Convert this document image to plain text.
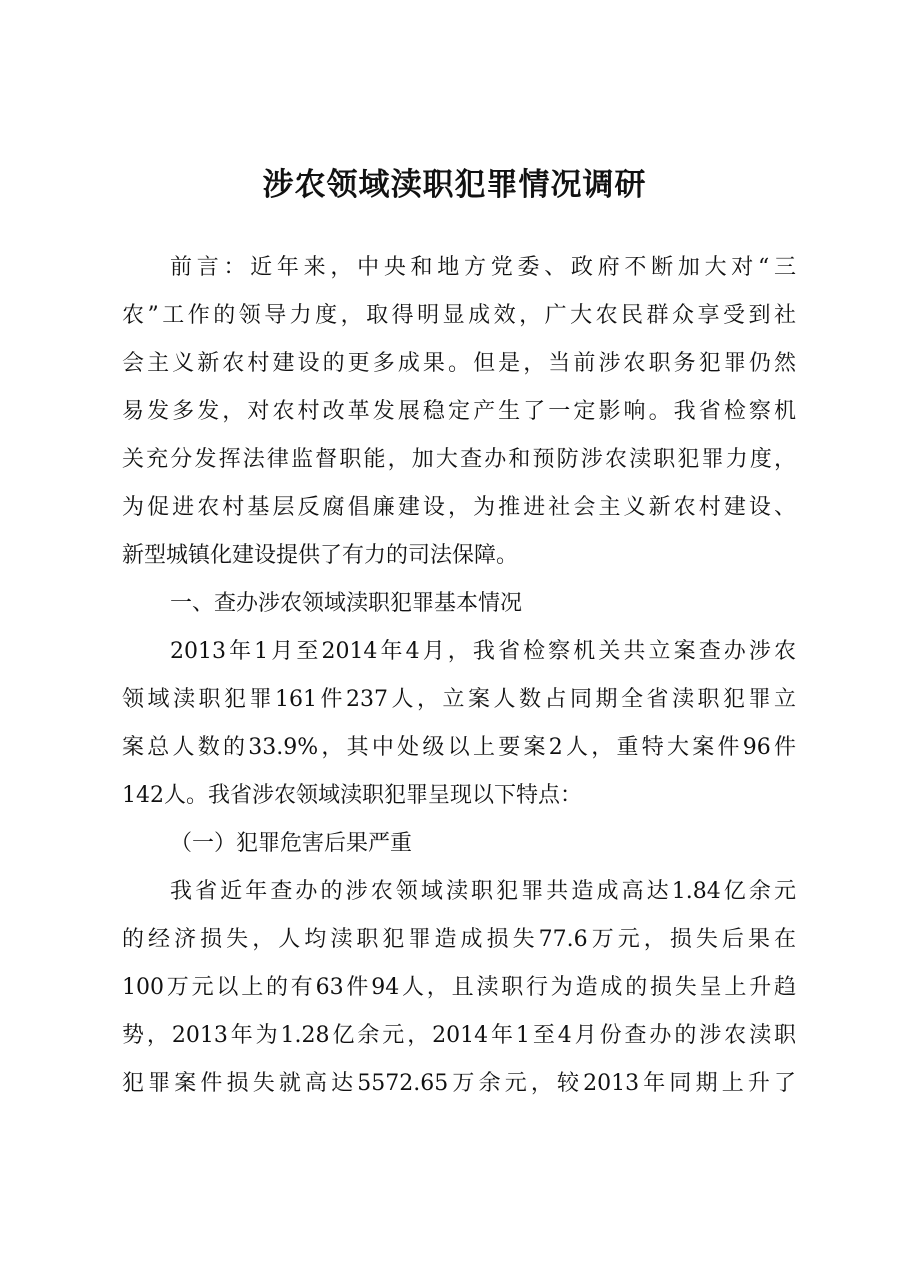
涉农领域渎职犯罪情况调研

前言：近年来，中央和地方党委、政府不断加大对“三

农”工作的领导力度，取得明显成效，广大农民群众享受到社

会主义新农村建设的更多成果。但是，当前涉农职务犯罪仍然

易发多发，对农村改革发展稳定产生了一定影响。我省检察机

关充分发挥法律监督职能，加大查办和预防涉农渎职犯罪力度，

为促进农村基层反腐倡廉建设，为推进社会主义新农村建设、

新型城镇化建设提供了有力的司法保障。

一、查办涉农领域渎职犯罪基本情况

2013年1月至2014年4月，我省检察机关共立案查办涉农

领域渎职犯罪161件237人，立案人数占同期全省渎职犯罪立

案总人数的33.9%，其中处级以上要案2人，重特大案件96件

142人。我省涉农领域渎职犯罪呈现以下特点：

（一）犯罪危害后果严重

我省近年查办的涉农领域渎职犯罪共造成高达1.84亿余元

的经济损失，人均渎职犯罪造成损失77.6万元，损失后果在

100万元以上的有63件94人，且渎职行为造成的损失呈上升趋

势，2013年为1.28亿余元，2014年1至4月份查办的涉农渎职

犯罪案件损失就高达5572.65万余元，较2013年同期上升了
